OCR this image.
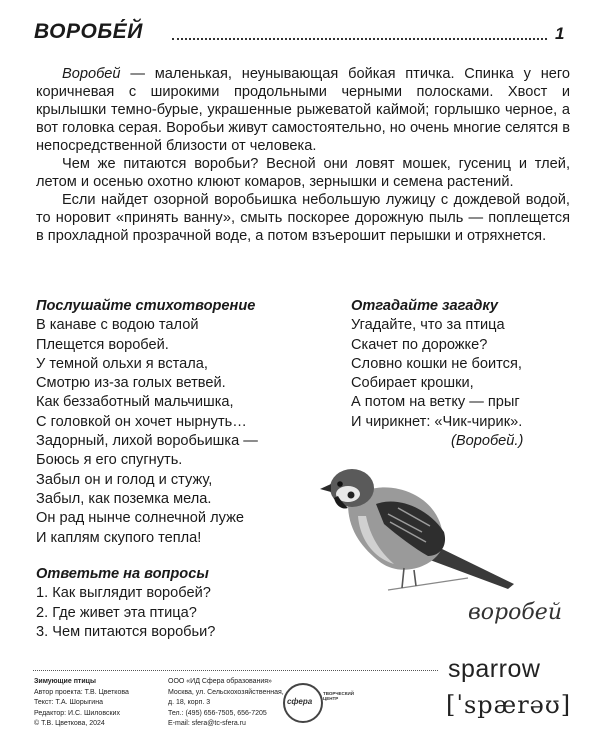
ВОРОБЕ́Й	1

Воробей — маленькая, неунывающая бойкая птичка. Спинка у него коричневая с широкими продольными черными полосками. Хвост и крылышки темно-бурые, украшенные рыжеватой каймой; горлышко черное, а вот головка серая. Воробьи живут самостоятельно, но очень многие селятся в непосредственной близости от человека.

Чем же питаются воробьи? Весной они ловят мошек, гусениц и тлей, летом и осенью охотно клюют комаров, зернышки и семена растений.

Если найдет озорной воробьишка небольшую лужицу с дождевой водой, то норовит «принять ванну», смыть поскорее дорожную пыль — поплещется в прохладной прозрачной воде, а потом взъерошит перышки и отряхнется.

Послушайте стихотворение
В канаве с водою талой
Плещется воробей.
У темной ольхи я встала,
Смотрю из-за голых ветвей.
Как беззаботный мальчишка,
С головкой он хочет нырнуть…
Задорный, лихой воробьишка —
Боюсь я его спугнуть.
Забыл он и голод и стужу,
Забыл, как поземка мела.
Он рад нынче солнечной луже
И каплям скупого тепла!
Отгадайте загадку
Угадайте, что за птица
Скачет по дорожке?
Словно кошки не боится,
Собирает крошки,
А потом на ветку — прыг
И чирикнет: «Чик-чирик».
(Воробей.)
Ответьте на вопросы
1. Как выглядит воробей?
2. Где живет эта птица?
3. Чем питаются воробьи?
воробей
sparrow
[ˈspærəʊ]
Зимующие птицы
Автор проекта: Т.В. Цветкова
Текст: Т.А. Шорыгина
Редактор: И.С. Шиловских
© Т.В. Цветкова, 2024
ООО «ИД Сфера образования»
Москва, ул. Сельскохозяйственная,
д. 18, корп. 3
Тел.: (495) 656-7505, 656-7205
E-mail: sfera@tc-sfera.ru
сфера
ТВОРЧЕСКИЙ ЦЕНТР
